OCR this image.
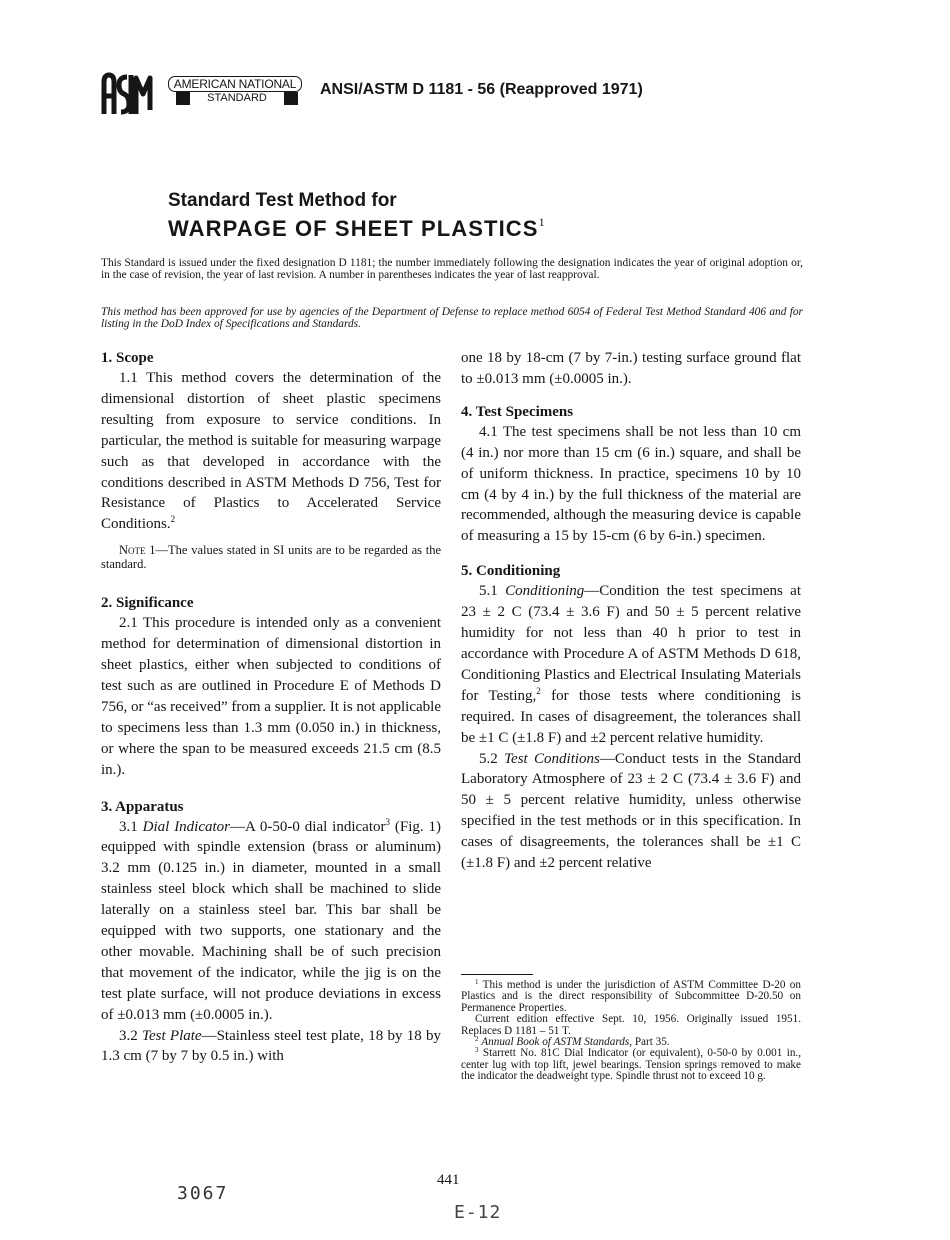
AMERICAN NATIONAL
STANDARD	ANSI/ASTM D 1181 - 56 (Reapproved 1971)
Standard Test Method for
WARPAGE OF SHEET PLASTICS$^1$

This Standard is issued under the fixed designation D 1181; the number immediately following the designation indicates the year of original adoption or, in the case of revision, the year of last revision. A number in parentheses indicates the year of last reapproval.

This method has been approved for use by agencies of the Department of Defense to replace method 6054 of Federal Test Method Standard 406 and for listing in the DoD Index of Specifications and Standards.

1. Scope

1.1 This method covers the determination of the dimensional distortion of sheet plastic specimens resulting from exposure to service conditions. In particular, the method is suitable for measuring warpage such as that developed in accordance with the conditions described in ASTM Methods D 756, Test for Resistance of Plastics to Accelerated Service Conditions.$^2$

Note 1—The values stated in SI units are to be regarded as the standard.

2. Significance

2.1 This procedure is intended only as a convenient method for determination of dimensional distortion in sheet plastics, either when subjected to conditions of test such as are outlined in Procedure E of Methods D 756, or “as received” from a supplier. It is not applicable to specimens less than 1.3 mm (0.050 in.) in thickness, or where the span to be measured exceeds 21.5 cm (8.5 in.).

3. Apparatus

3.1 Dial Indicator—A 0-50-0 dial indicator$^3$ (Fig. 1) equipped with spindle extension (brass or aluminum) 3.2 mm (0.125 in.) in diameter, mounted in a small stainless steel block which shall be machined to slide laterally on a stainless steel bar. This bar shall be equipped with two supports, one stationary and the other movable. Machining shall be of such precision that movement of the indicator, while the jig is on the test plate surface, will not produce deviations in excess of ±0.013 mm (±0.0005 in.).

3.2 Test Plate—Stainless steel test plate, 18 by 18 by 1.3 cm (7 by 7 by 0.5 in.) with

one 18 by 18-cm (7 by 7-in.) testing surface ground flat to ±0.013 mm (±0.0005 in.).

4. Test Specimens

4.1 The test specimens shall be not less than 10 cm (4 in.) nor more than 15 cm (6 in.) square, and shall be of uniform thickness. In practice, specimens 10 by 10 cm (4 by 4 in.) by the full thickness of the material are recommended, although the measuring device is capable of measuring a 15 by 15-cm (6 by 6-in.) specimen.

5. Conditioning

5.1 Conditioning—Condition the test specimens at 23 ± 2 C (73.4 ± 3.6 F) and 50 ± 5 percent relative humidity for not less than 40 h prior to test in accordance with Procedure A of ASTM Methods D 618, Conditioning Plastics and Electrical Insulating Materials for Testing,$^2$ for those tests where conditioning is required. In cases of disagreement, the tolerances shall be ±1 C (±1.8 F) and ±2 percent relative humidity.

5.2 Test Conditions—Conduct tests in the Standard Laboratory Atmosphere of 23 ± 2 C (73.4 ± 3.6 F) and 50 ± 5 percent relative humidity, unless otherwise specified in the test methods or in this specification. In cases of disagreements, the tolerances shall be ±1 C (±1.8 F) and ±2 percent relative

$^1$ This method is under the jurisdiction of ASTM Committee D-20 on Plastics and is the direct responsibility of Subcommittee D-20.50 on Permanence Properties.

Current edition effective Sept. 10, 1956. Originally issued 1951. Replaces D 1181 – 51 T.

$^2$ Annual Book of ASTM Standards, Part 35.

$^3$ Starrett No. 81C Dial Indicator (or equivalent), 0-50-0 by 0.001 in., center lug with top lift, jewel bearings. Tension springs removed to make the indicator the deadweight type. Spindle thrust not to exceed 10 g.

441
3067
E-12
